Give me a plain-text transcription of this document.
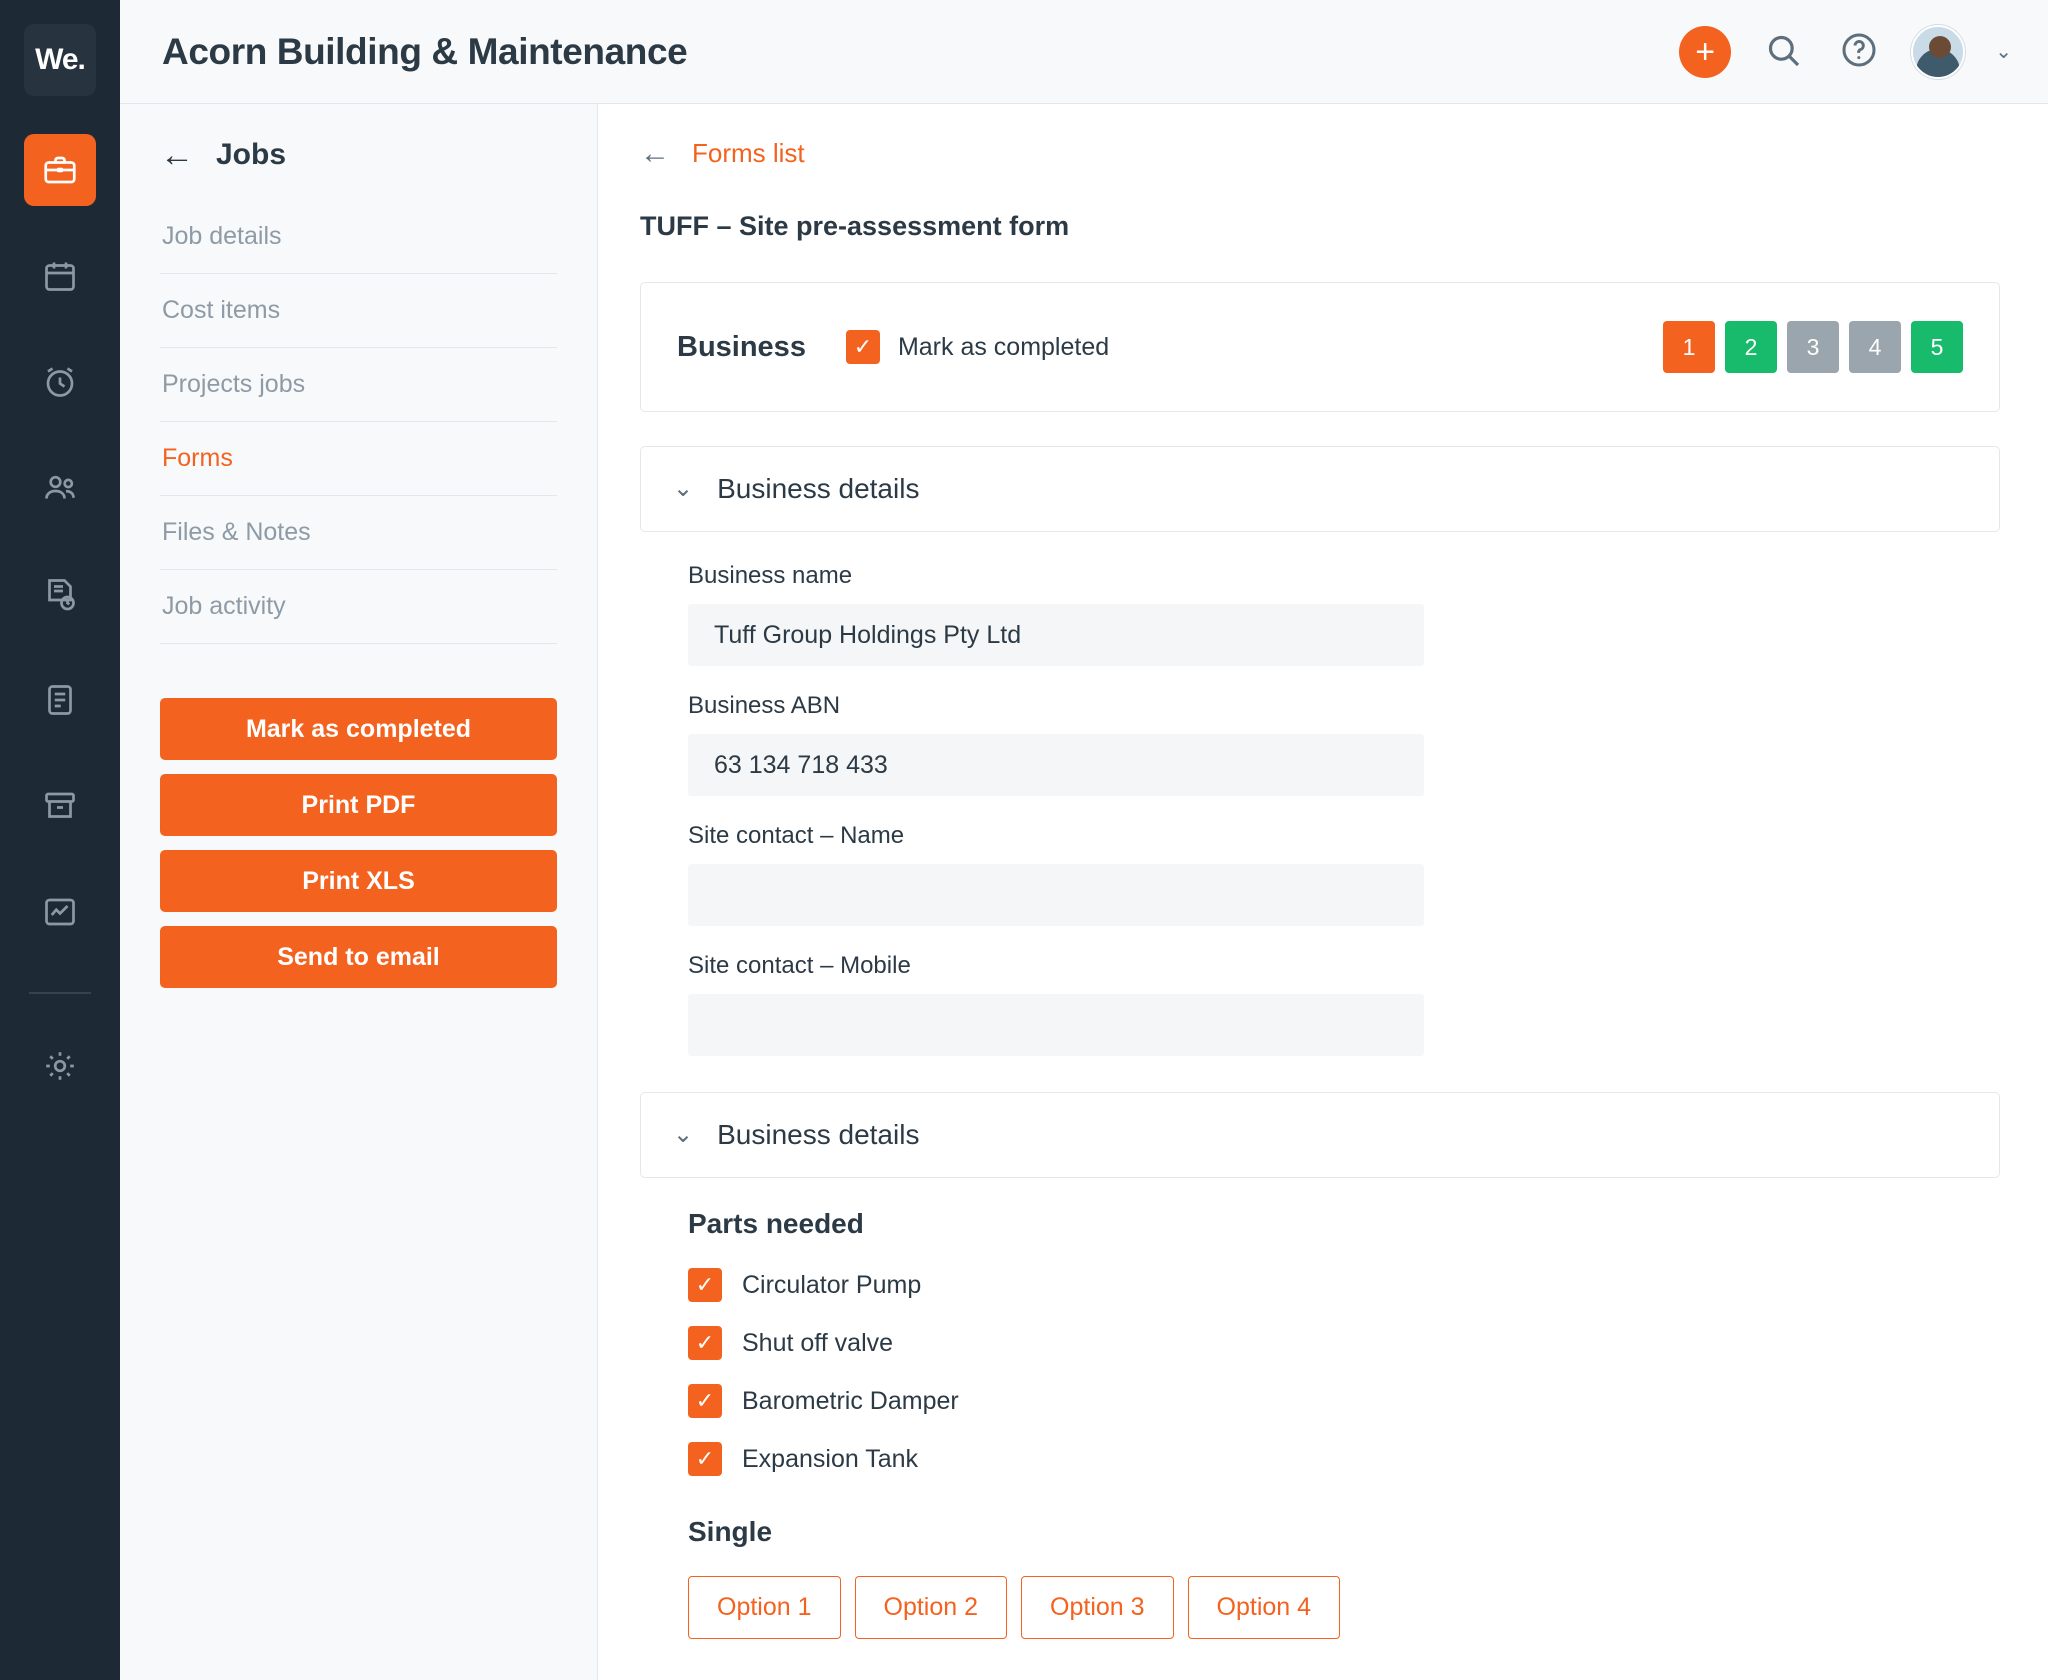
We.	Acorn Building & Maintenance	+	⌄
← Jobs
Job details
Cost items
Projects jobs
Forms
Files & Notes
Job activity
Mark as completed
Print PDF
Print XLS
Send to email
← Forms list
TUFF – Site pre-assessment form
Business	✓	Mark as completed	1	2	3	4	5
⌄ Business details
Business name
Tuff Group Holdings Pty Ltd
Business ABN
63 134 718 433
Site contact – Name
Site contact – Mobile
⌄ Business details
Parts needed
✓	Circulator Pump
✓	Shut off valve
✓	Barometric Damper
✓	Expansion Tank
Single
Option 1	Option 2	Option 3	Option 4
